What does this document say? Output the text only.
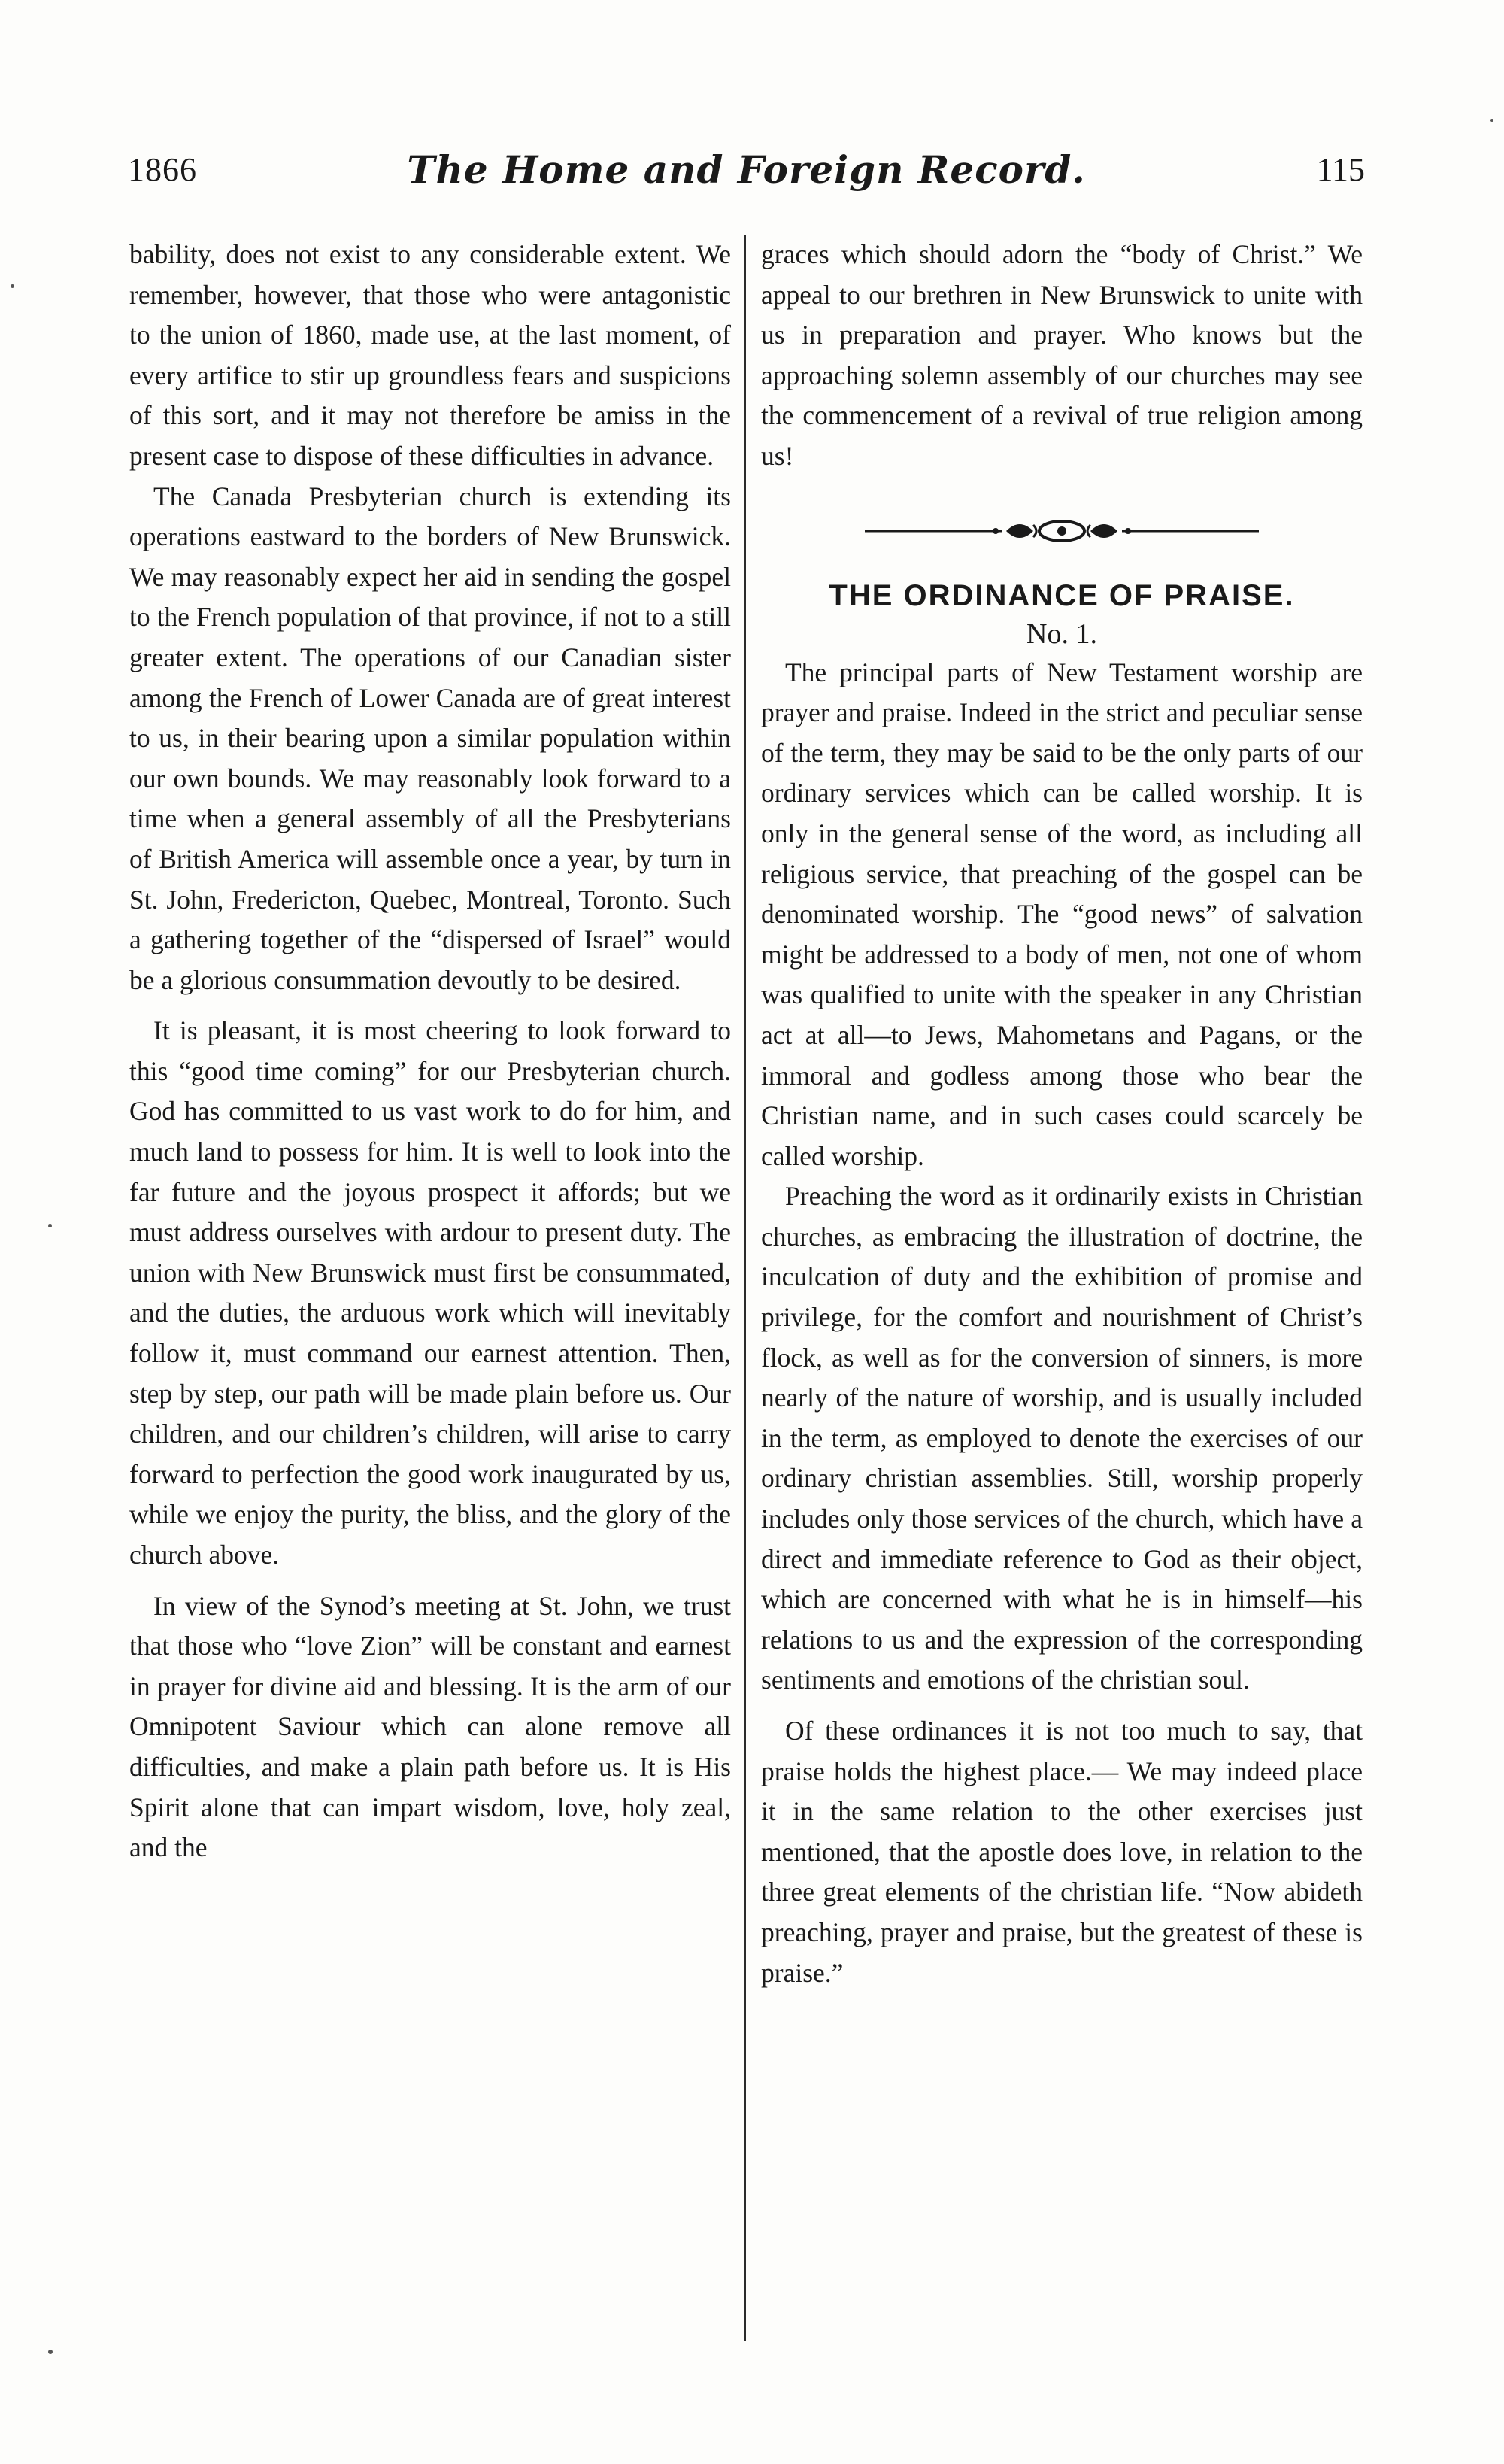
1866	The Home and Foreign Record.	115

bability, does not exist to any considerable extent. We remember, however, that those who were antagonistic to the union of 1860, made use, at the last moment, of every artifice to stir up groundless fears and suspicions of this sort, and it may not therefore be amiss in the present case to dispose of these difficulties in advance.

The Canada Presbyterian church is extending its operations eastward to the borders of New Brunswick. We may reasonably expect her aid in sending the gospel to the French population of that province, if not to a still greater extent. The operations of our Canadian sister among the French of Lower Canada are of great interest to us, in their bearing upon a similar population within our own bounds. We may reasonably look forward to a time when a general assembly of all the Presbyterians of British America will assemble once a year, by turn in St. John, Fredericton, Quebec, Montreal, Toronto. Such a gathering together of the “dispersed of Israel” would be a glorious consummation devoutly to be desired.

It is pleasant, it is most cheering to look forward to this “good time coming” for our Presbyterian church. God has committed to us vast work to do for him, and much land to possess for him. It is well to look into the far future and the joyous prospect it affords; but we must address ourselves with ardour to present duty. The union with New Brunswick must first be consummated, and the duties, the arduous work which will inevitably follow it, must command our earnest attention. Then, step by step, our path will be made plain before us. Our children, and our children’s children, will arise to carry forward to perfection the good work inaugurated by us, while we enjoy the purity, the bliss, and the glory of the church above.

In view of the Synod’s meeting at St. John, we trust that those who “love Zion” will be constant and earnest in prayer for divine aid and blessing. It is the arm of our Omnipotent Saviour which can alone remove all difficulties, and make a plain path before us. It is His Spirit alone that can impart wisdom, love, holy zeal, and the

graces which should adorn the “body of Christ.” We appeal to our brethren in New Brunswick to unite with us in preparation and prayer. Who knows but the approaching solemn assembly of our churches may see the commencement of a revival of true religion among us!

THE ORDINANCE OF PRAISE.

No. 1.

The principal parts of New Testament worship are prayer and praise. Indeed in the strict and peculiar sense of the term, they may be said to be the only parts of our ordinary services which can be called worship. It is only in the general sense of the word, as including all religious service, that preaching of the gospel can be denominated worship. The “good news” of salvation might be addressed to a body of men, not one of whom was qualified to unite with the speaker in any Christian act at all—to Jews, Mahometans and Pagans, or the immoral and godless among those who bear the Christian name, and in such cases could scarcely be called worship.

Preaching the word as it ordinarily exists in Christian churches, as embracing the illustration of doctrine, the inculcation of duty and the exhibition of promise and privilege, for the comfort and nourishment of Christ’s flock, as well as for the conversion of sinners, is more nearly of the nature of worship, and is usually included in the term, as employed to denote the exercises of our ordinary christian assemblies. Still, worship properly includes only those services of the church, which have a direct and immediate reference to God as their object, which are concerned with what he is in himself—his relations to us and the expression of the corresponding sentiments and emotions of the christian soul.

Of these ordinances it is not too much to say, that praise holds the highest place.— We may indeed place it in the same relation to the other exercises just mentioned, that the apostle does love, in relation to the three great elements of the christian life. “Now abideth preaching, prayer and praise, but the greatest of these is praise.”
